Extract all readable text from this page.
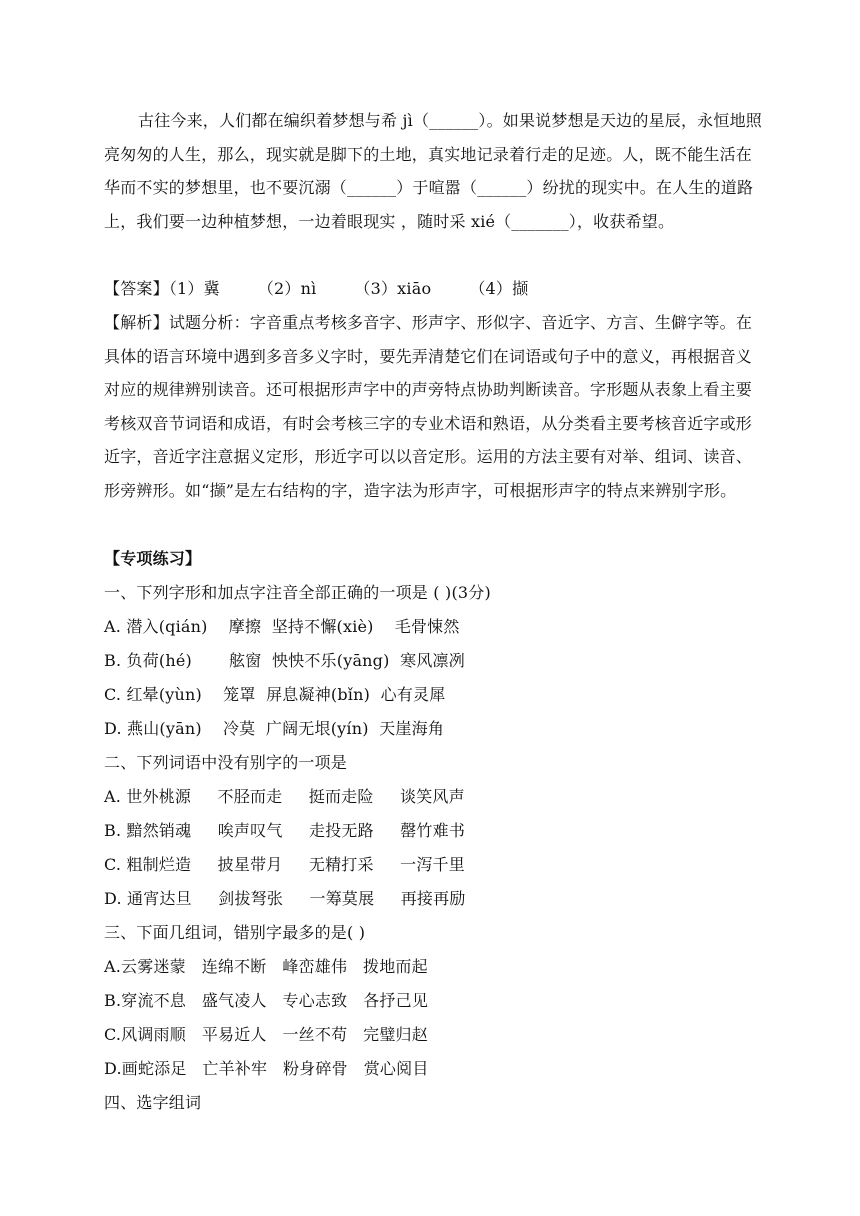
古往今来，人们都在编织着梦想与希 jì（______）。如果说梦想是天边的星辰，永恒地照亮匆匆的人生，那么，现实就是脚下的土地，真实地记录着行走的足迹。人，既不能生活在华而不实的梦想里，也不要沉溺（______）于喧嚣（______）纷扰的现实中。在人生的道路上，我们要一边种植梦想，一边着眼现实 ，随时采 xié（_______），收获希望。

【答案】（1）冀 （2）nì （3）xiāo （4）撷

【解析】试题分析：字音重点考核多音字、形声字、形似字、音近字、方言、生僻字等。在具体的语言环境中遇到多音多义字时，要先弄清楚它们在词语或句子中的意义，再根据音义对应的规律辨别读音。还可根据形声字中的声旁特点协助判断读音。字形题从表象上看主要考核双音节词语和成语，有时会考核三字的专业术语和熟语，从分类看主要考核音近字或形近字，音近字注意据义定形，形近字可以以音定形。运用的方法主要有对举、组词、读音、形旁辨形。如“撷”是左右结构的字，造字法为形声字，可根据形声字的特点来辨别字形。

【专项练习】

一、下列字形和加点字注音全部正确的一项是 ( )(3分)

A. 潜入(qián)    摩擦  坚持不懈(xiè)    毛骨悚然

B. 负荷(hé)       舷窗  怏怏不乐(yāng)  寒风凛冽

C. 红晕(yùn)    笼罩  屏息凝神(bǐn)  心有灵犀

D. 燕山(yān)    冷莫  广阔无垠(yín)  天崖海角

二、下列词语中没有别字的一项是

A. 世外桃源     不胫而走     挺而走险     谈笑风声

B. 黯然销魂     唉声叹气     走投无路     罄竹难书

C. 粗制烂造     披星带月     无精打采     一泻千里

D. 通宵达旦     剑拔弩张     一筹莫展     再接再励

三、下面几组词，错别字最多的是( )

A.云雾迷蒙   连绵不断   峰峦雄伟   拨地而起

B.穿流不息   盛气凌人   专心志致   各抒己见

C.风调雨顺   平易近人   一丝不苟   完璧归赵

D.画蛇添足   亡羊补牢   粉身碎骨   赏心阅目

四、选字组词
